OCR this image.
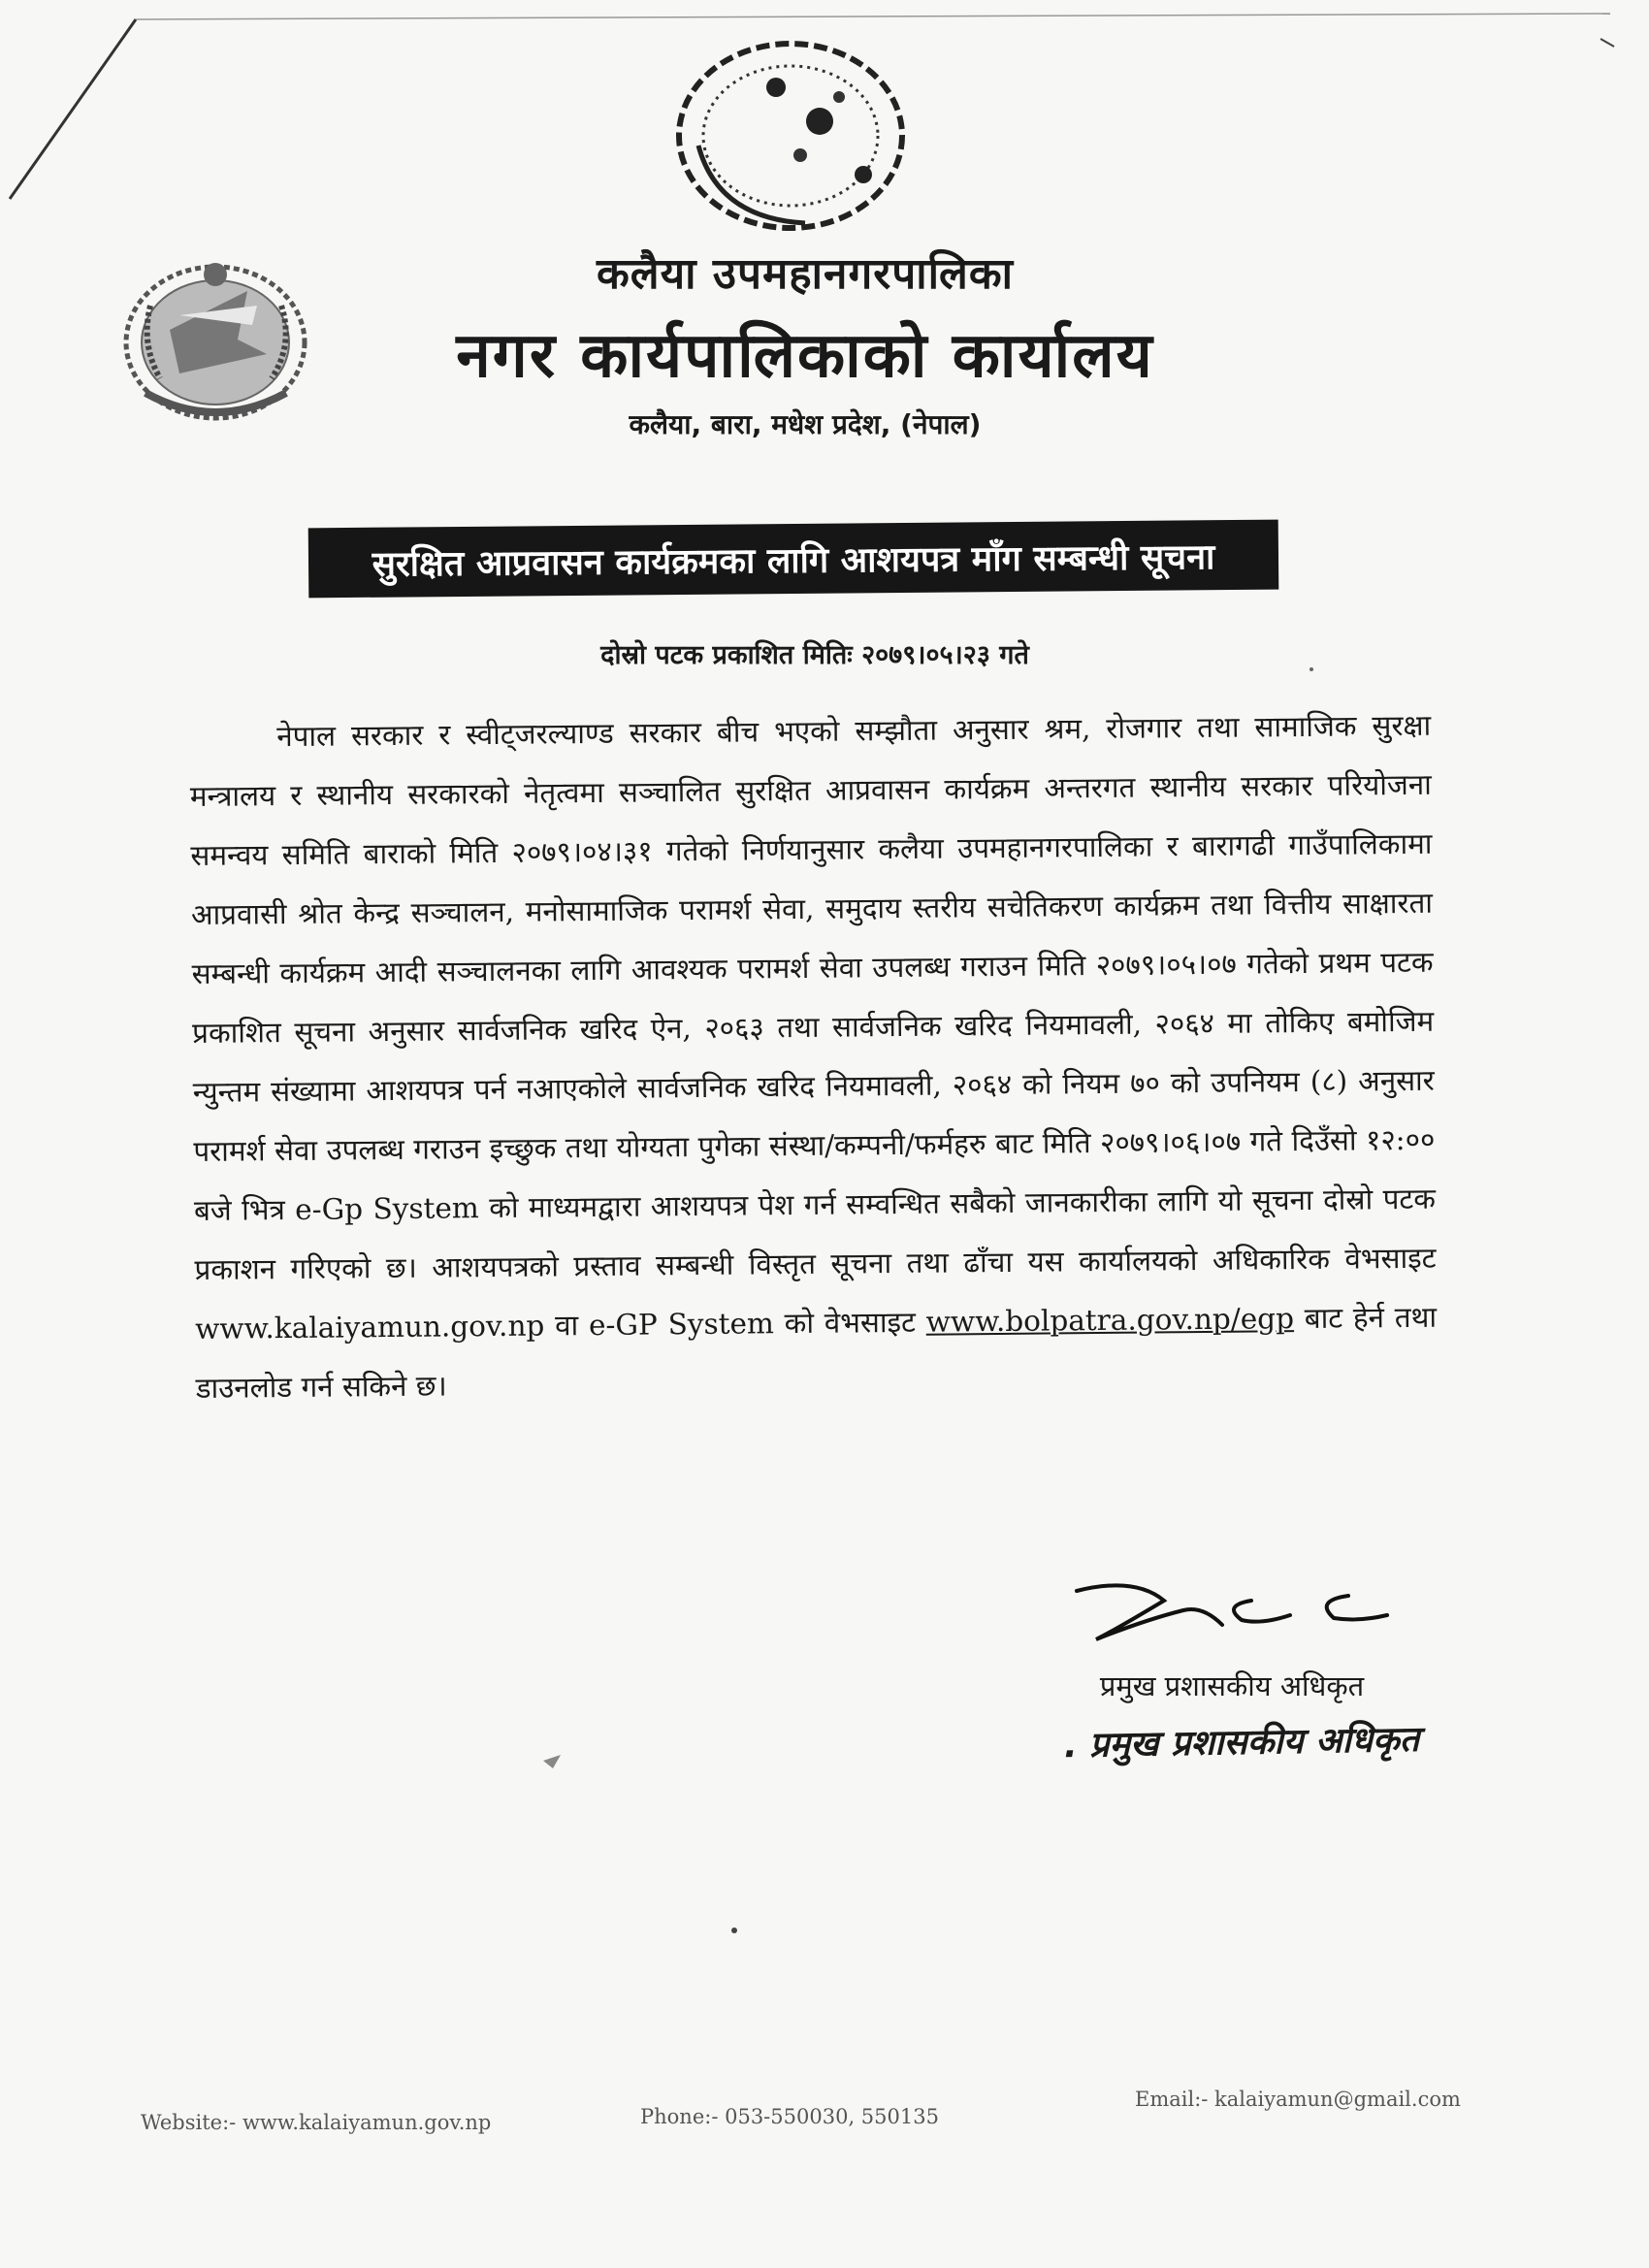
कलैया उपमहानगरपालिका
नगर कार्यपालिकाको कार्यालय
कलैया, बारा, मधेश प्रदेश, (नेपाल)
सुरक्षित आप्रवासन कार्यक्रमका लागि आशयपत्र माँग सम्बन्धी सूचना
दोस्रो पटक प्रकाशित मितिः २०७९।०५।२३ गते
नेपाल सरकार र स्वीट्जरल्याण्ड सरकार बीच भएको सम्झौता अनुसार श्रम, रोजगार तथा सामाजिक सुरक्षा मन्त्रालय र स्थानीय सरकारको नेतृत्वमा सञ्चालित सुरक्षित आप्रवासन कार्यक्रम अन्तरगत स्थानीय सरकार परियोजना समन्वय समिति बाराको मिति २०७९।०४।३१ गतेको निर्णयानुसार कलैया उपमहानगरपालिका र बारागढी गाउँपालिकामा आप्रवासी श्रोत केन्द्र सञ्चालन, मनोसामाजिक परामर्श सेवा, समुदाय स्तरीय सचेतिकरण कार्यक्रम तथा वित्तीय साक्षारता सम्बन्धी कार्यक्रम आदी सञ्चालनका लागि आवश्यक परामर्श सेवा उपलब्ध गराउन मिति २०७९।०५।०७ गतेको प्रथम पटक प्रकाशित सूचना अनुसार सार्वजनिक खरिद ऐन, २०६३ तथा सार्वजनिक खरिद नियमावली, २०६४ मा तोकिए बमोजिम न्युन्तम संख्यामा आशयपत्र पर्न नआएकोले सार्वजनिक खरिद नियमावली, २०६४ को नियम ७० को उपनियम (८) अनुसार परामर्श सेवा उपलब्ध गराउन इच्छुक तथा योग्यता पुगेका संस्था/कम्पनी/फर्महरु बाट मिति २०७९।०६।०७ गते दिउँसो १२:०० बजे भित्र e-Gp System को माध्यमद्वारा आशयपत्र पेश गर्न सम्वन्धित सबैको जानकारीका लागि यो सूचना दोस्रो पटक प्रकाशन गरिएको छ। आशयपत्रको प्रस्ताव सम्बन्धी विस्तृत सूचना तथा ढाँचा यस कार्यालयको अधिकारिक वेभसाइट www.kalaiyamun.gov.np वा e-GP System को वेभसाइट www.bolpatra.gov.np/egp बाट हेर्न तथा डाउनलोड गर्न सकिने छ।
प्रमुख प्रशासकीय अधिकृत
. प्रमुख प्रशासकीय अधिकृत
Website:- www.kalaiyamun.gov.np	Phone:- 053-550030, 550135
Email:- kalaiyamun@gmail.com
